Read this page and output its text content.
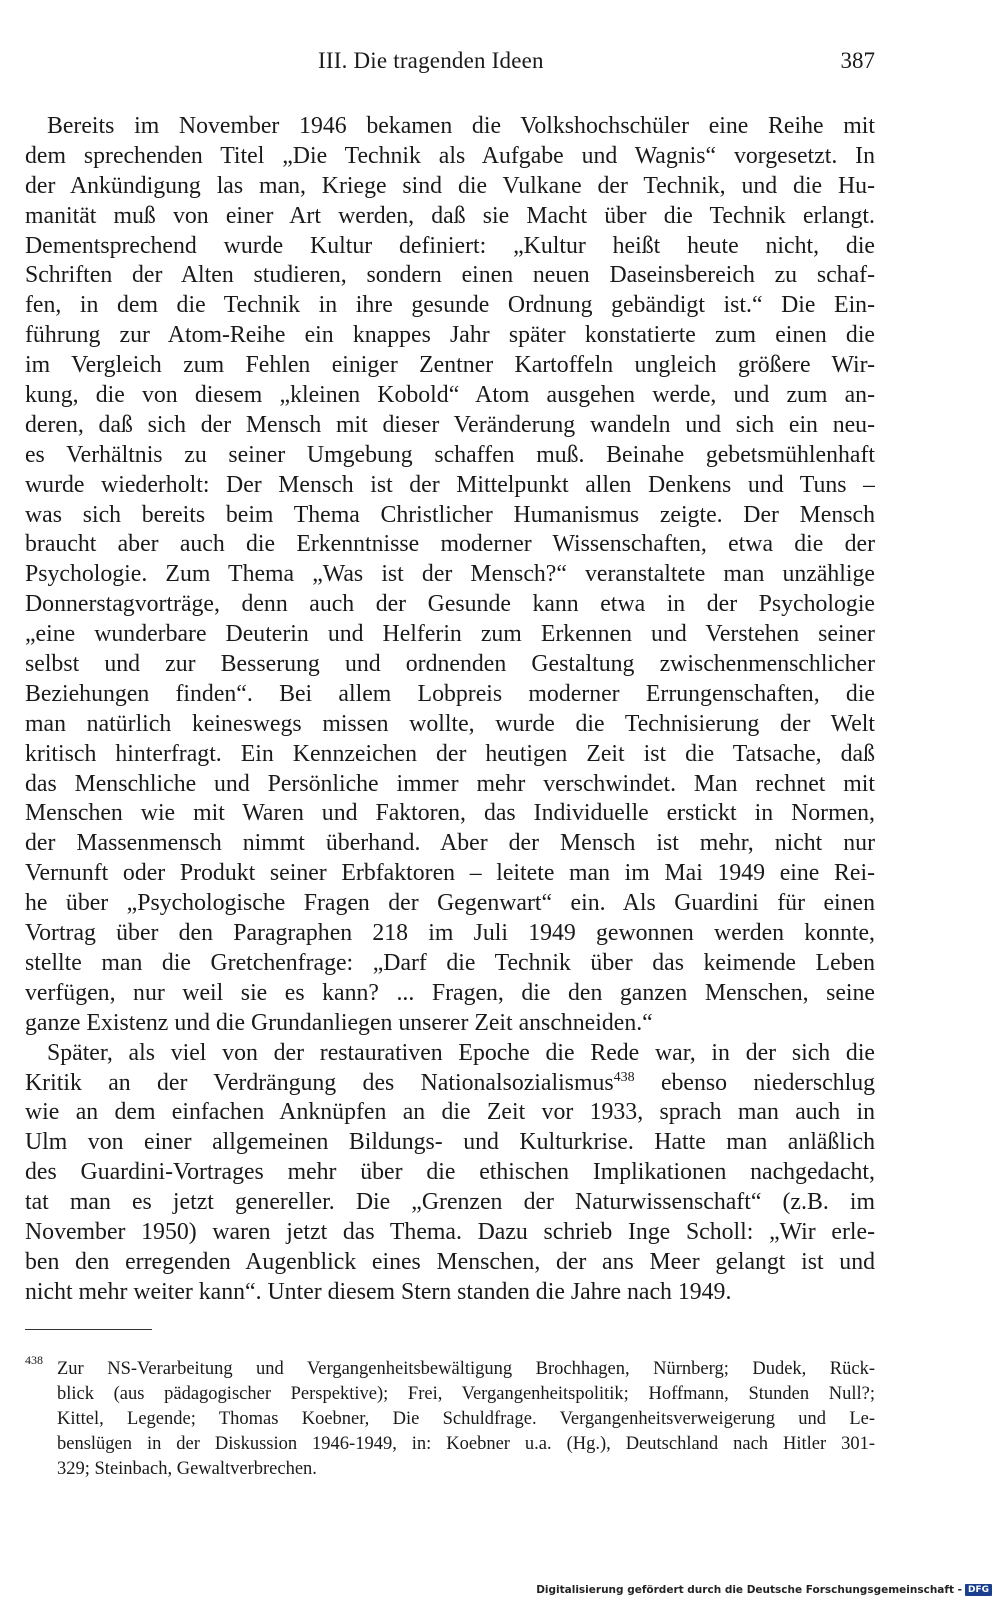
III. Die tragenden Ideen	387
Bereits im November 1946 bekamen die Volkshochschüler eine Reihe mit
dem sprechenden Titel „Die Technik als Aufgabe und Wagnis“ vorgesetzt. In
der Ankündigung las man, Kriege sind die Vulkane der Technik, und die Hu-
manität muß von einer Art werden, daß sie Macht über die Technik erlangt.
Dementsprechend wurde Kultur definiert: „Kultur heißt heute nicht, die
Schriften der Alten studieren, sondern einen neuen Daseinsbereich zu schaf-
fen, in dem die Technik in ihre gesunde Ordnung gebändigt ist.“ Die Ein-
führung zur Atom-Reihe ein knappes Jahr später konstatierte zum einen die
im Vergleich zum Fehlen einiger Zentner Kartoffeln ungleich größere Wir-
kung, die von diesem „kleinen Kobold“ Atom ausgehen werde, und zum an-
deren, daß sich der Mensch mit dieser Veränderung wandeln und sich ein neu-
es Verhältnis zu seiner Umgebung schaffen muß. Beinahe gebetsmühlenhaft
wurde wiederholt: Der Mensch ist der Mittelpunkt allen Denkens und Tuns –
was sich bereits beim Thema Christlicher Humanismus zeigte. Der Mensch
braucht aber auch die Erkenntnisse moderner Wissenschaften, etwa die der
Psychologie. Zum Thema „Was ist der Mensch?“ veranstaltete man unzählige
Donnerstagvorträge, denn auch der Gesunde kann etwa in der Psychologie
„eine wunderbare Deuterin und Helferin zum Erkennen und Verstehen seiner
selbst und zur Besserung und ordnenden Gestaltung zwischenmenschlicher
Beziehungen finden“. Bei allem Lobpreis moderner Errungenschaften, die
man natürlich keineswegs missen wollte, wurde die Technisierung der Welt
kritisch hinterfragt. Ein Kennzeichen der heutigen Zeit ist die Tatsache, daß
das Menschliche und Persönliche immer mehr verschwindet. Man rechnet mit
Menschen wie mit Waren und Faktoren, das Individuelle erstickt in Normen,
der Massenmensch nimmt überhand. Aber der Mensch ist mehr, nicht nur
Vernunft oder Produkt seiner Erbfaktoren – leitete man im Mai 1949 eine Rei-
he über „Psychologische Fragen der Gegenwart“ ein. Als Guardini für einen
Vortrag über den Paragraphen 218 im Juli 1949 gewonnen werden konnte,
stellte man die Gretchenfrage: „Darf die Technik über das keimende Leben
verfügen, nur weil sie es kann? ... Fragen, die den ganzen Menschen, seine
ganze Existenz und die Grundanliegen unserer Zeit anschneiden.“
Später, als viel von der restaurativen Epoche die Rede war, in der sich die
Kritik an der Verdrängung des Nationalsozialismus$^{438}$ ebenso niederschlug
wie an dem einfachen Anknüpfen an die Zeit vor 1933, sprach man auch in
Ulm von einer allgemeinen Bildungs- und Kulturkrise. Hatte man anläßlich
des Guardini-Vortrages mehr über die ethischen Implikationen nachgedacht,
tat man es jetzt genereller. Die „Grenzen der Naturwissenschaft“ (z.B. im
November 1950) waren jetzt das Thema. Dazu schrieb Inge Scholl: „Wir erle-
ben den erregenden Augenblick eines Menschen, der ans Meer gelangt ist und
nicht mehr weiter kann“. Unter diesem Stern standen die Jahre nach 1949.
438 Zur NS-Verarbeitung und Vergangenheitsbewältigung Brochhagen, Nürnberg; Dudek, Rück-
blick (aus pädagogischer Perspektive); Frei, Vergangenheitspolitik; Hoffmann, Stunden Null?;
Kittel, Legende; Thomas Koebner, Die Schuldfrage. Vergangenheitsverweigerung und Le-
benslügen in der Diskussion 1946-1949, in: Koebner u.a. (Hg.), Deutschland nach Hitler 301-
329; Steinbach, Gewaltverbrechen.
Digitalisierung gefördert durch die Deutsche Forschungsgemeinschaft - DFG
